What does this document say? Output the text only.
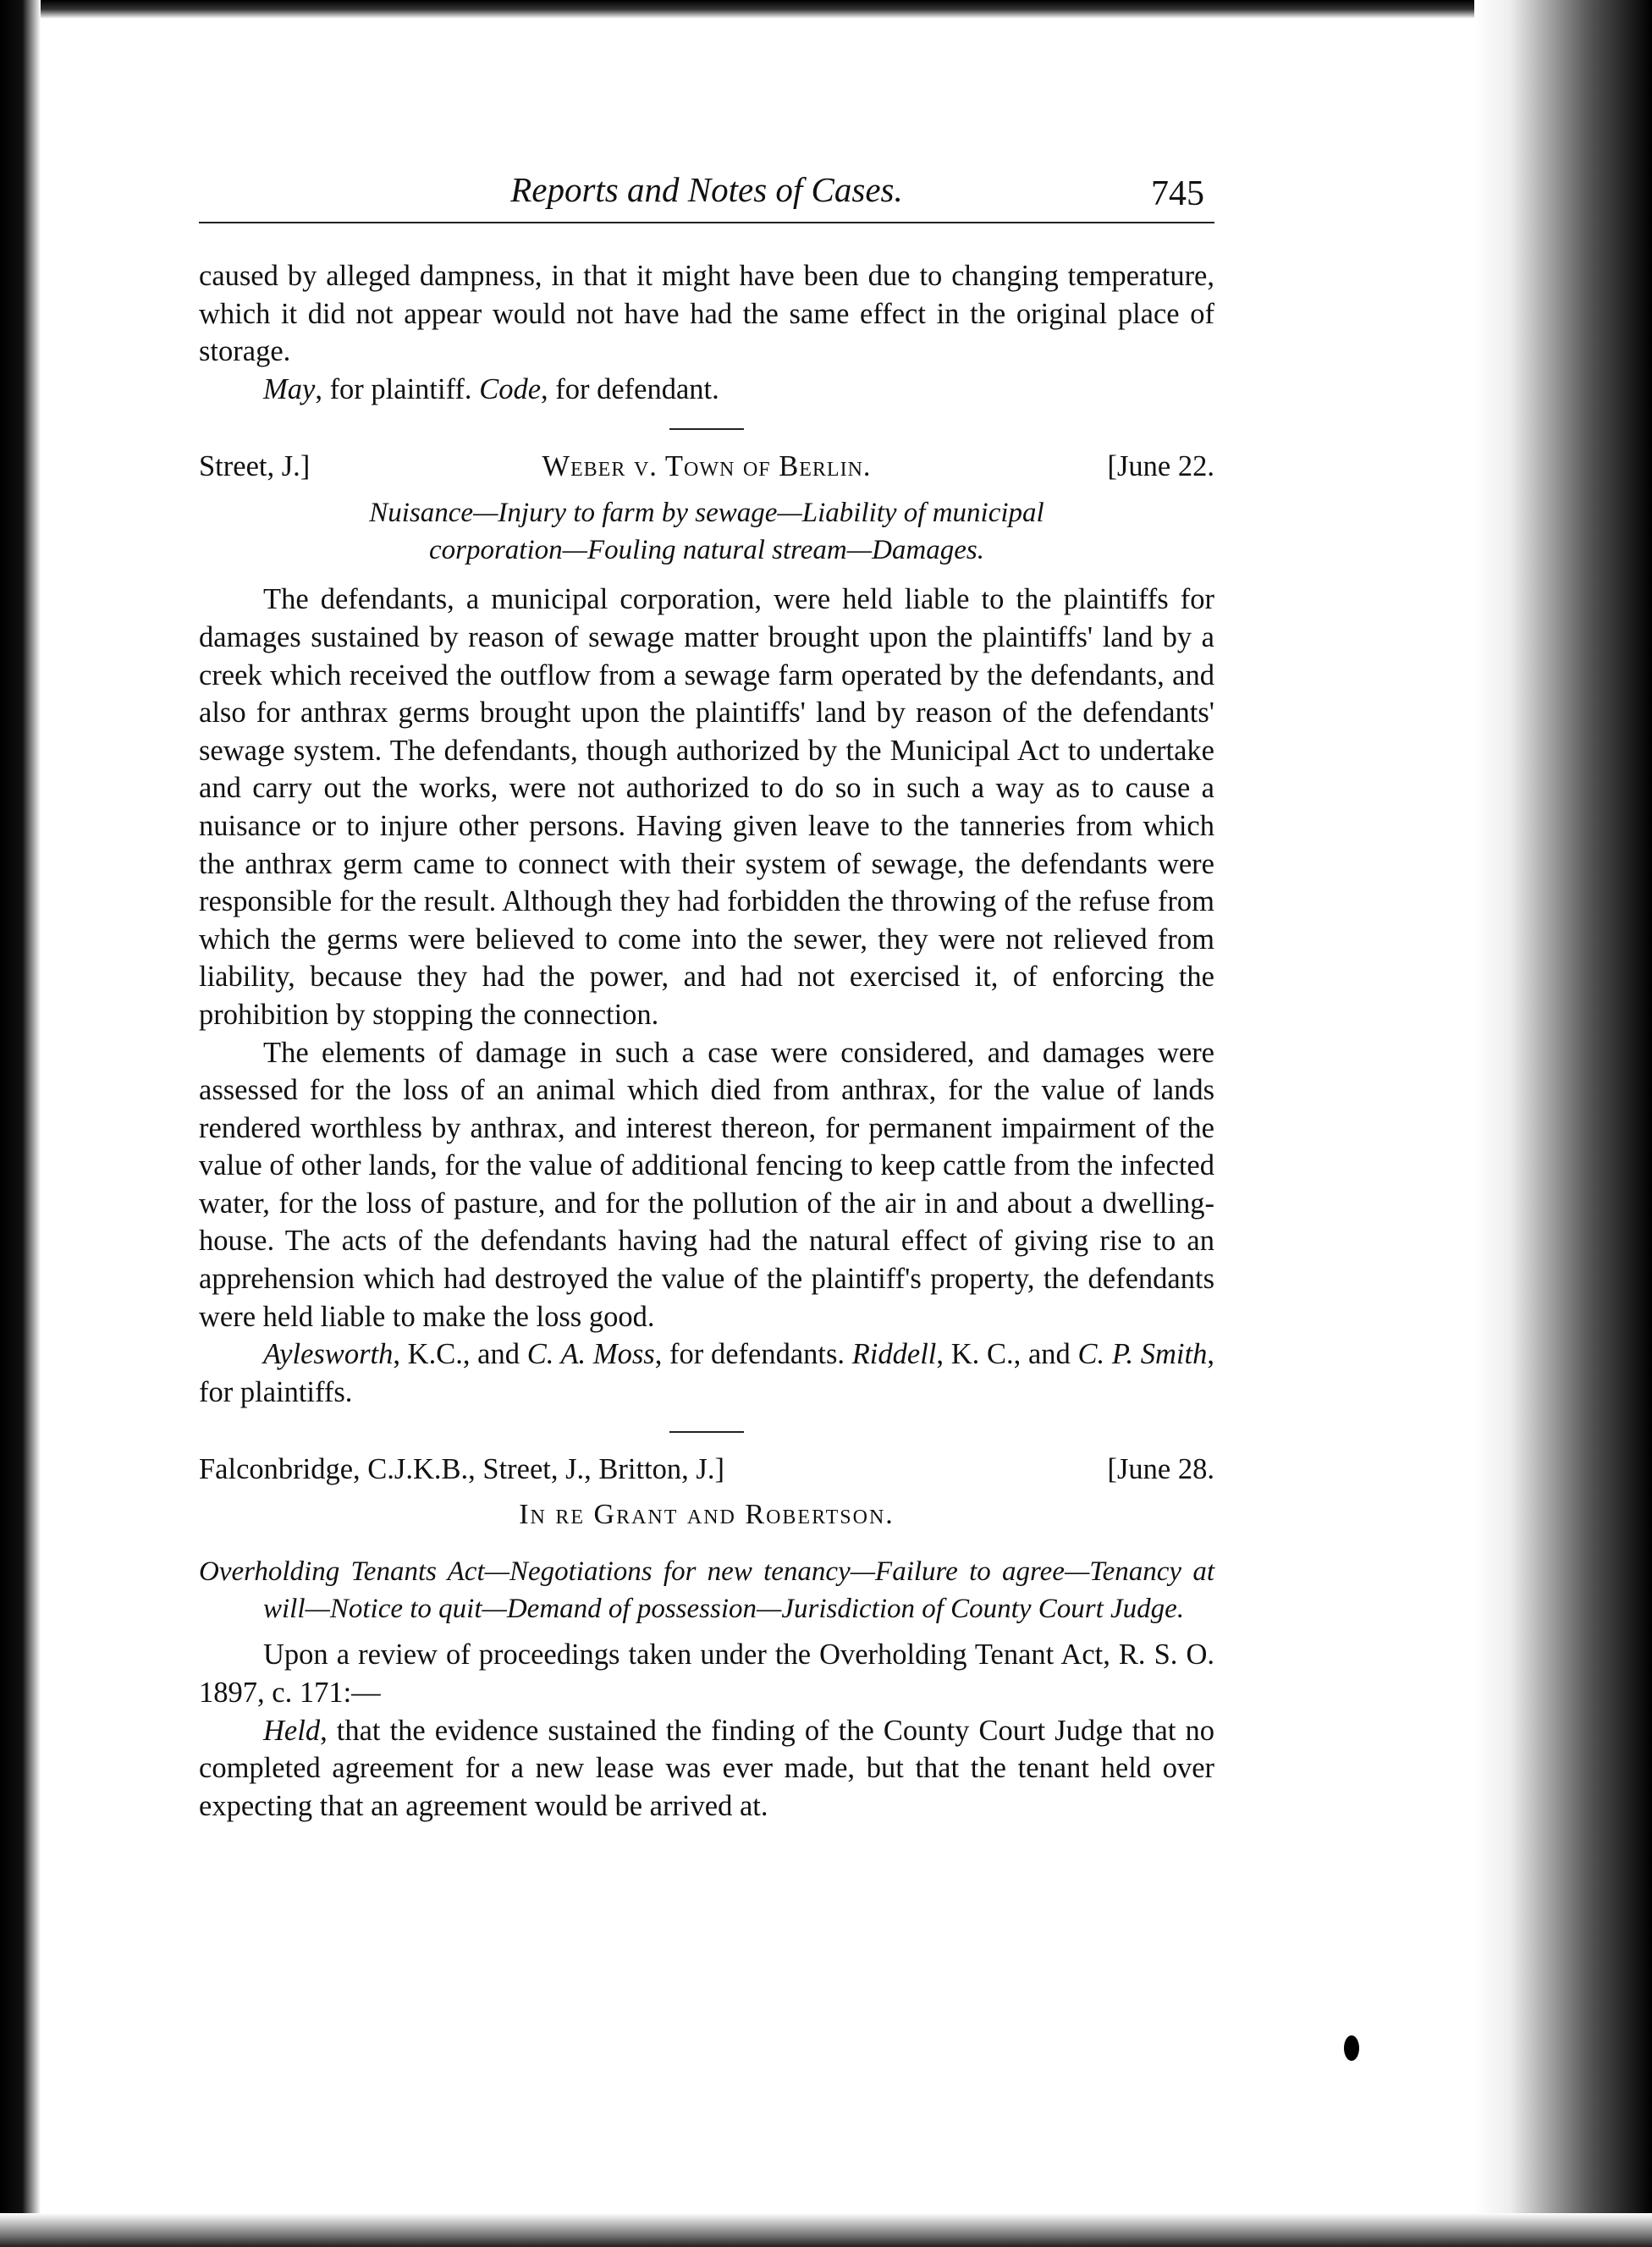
Reports and Notes of Cases.	745

caused by alleged dampness, in that it might have been due to changing temperature, which it did not appear would not have had the same effect in the original place of storage.

May, for plaintiff. Code, for defendant.

Street, J.]	Weber v. Town of Berlin.	[June 22.
Nuisance—Injury to farm by sewage—Liability of municipal
corporation—Fouling natural stream—Damages.

The defendants, a municipal corporation, were held liable to the plaintiffs for damages sustained by reason of sewage matter brought upon the plaintiffs' land by a creek which received the outflow from a sewage farm operated by the defendants, and also for anthrax germs brought upon the plaintiffs' land by reason of the defendants' sewage system. The defendants, though authorized by the Municipal Act to undertake and carry out the works, were not authorized to do so in such a way as to cause a nuisance or to injure other persons. Having given leave to the tanneries from which the anthrax germ came to connect with their system of sewage, the defendants were responsible for the result. Although they had forbidden the throwing of the refuse from which the germs were believed to come into the sewer, they were not relieved from liability, because they had the power, and had not exercised it, of enforcing the prohibition by stopping the connection.

The elements of damage in such a case were considered, and damages were assessed for the loss of an animal which died from anthrax, for the value of lands rendered worthless by anthrax, and interest thereon, for permanent impairment of the value of other lands, for the value of additional fencing to keep cattle from the infected water, for the loss of pasture, and for the pollution of the air in and about a dwelling-house. The acts of the defendants having had the natural effect of giving rise to an apprehension which had destroyed the value of the plaintiff's property, the defendants were held liable to make the loss good.

Aylesworth, K.C., and C. A. Moss, for defendants. Riddell, K. C., and C. P. Smith, for plaintiffs.

Falconbridge, C.J.K.B., Street, J., Britton, J.]	[June 28.
In re Grant and Robertson.
Overholding Tenants Act—Negotiations for new tenancy—Failure to agree—Tenancy at will—Notice to quit—Demand of possession—Jurisdiction of County Court Judge.

Upon a review of proceedings taken under the Overholding Tenant Act, R. S. O. 1897, c. 171:—

Held, that the evidence sustained the finding of the County Court Judge that no completed agreement for a new lease was ever made, but that the tenant held over expecting that an agreement would be arrived at.
